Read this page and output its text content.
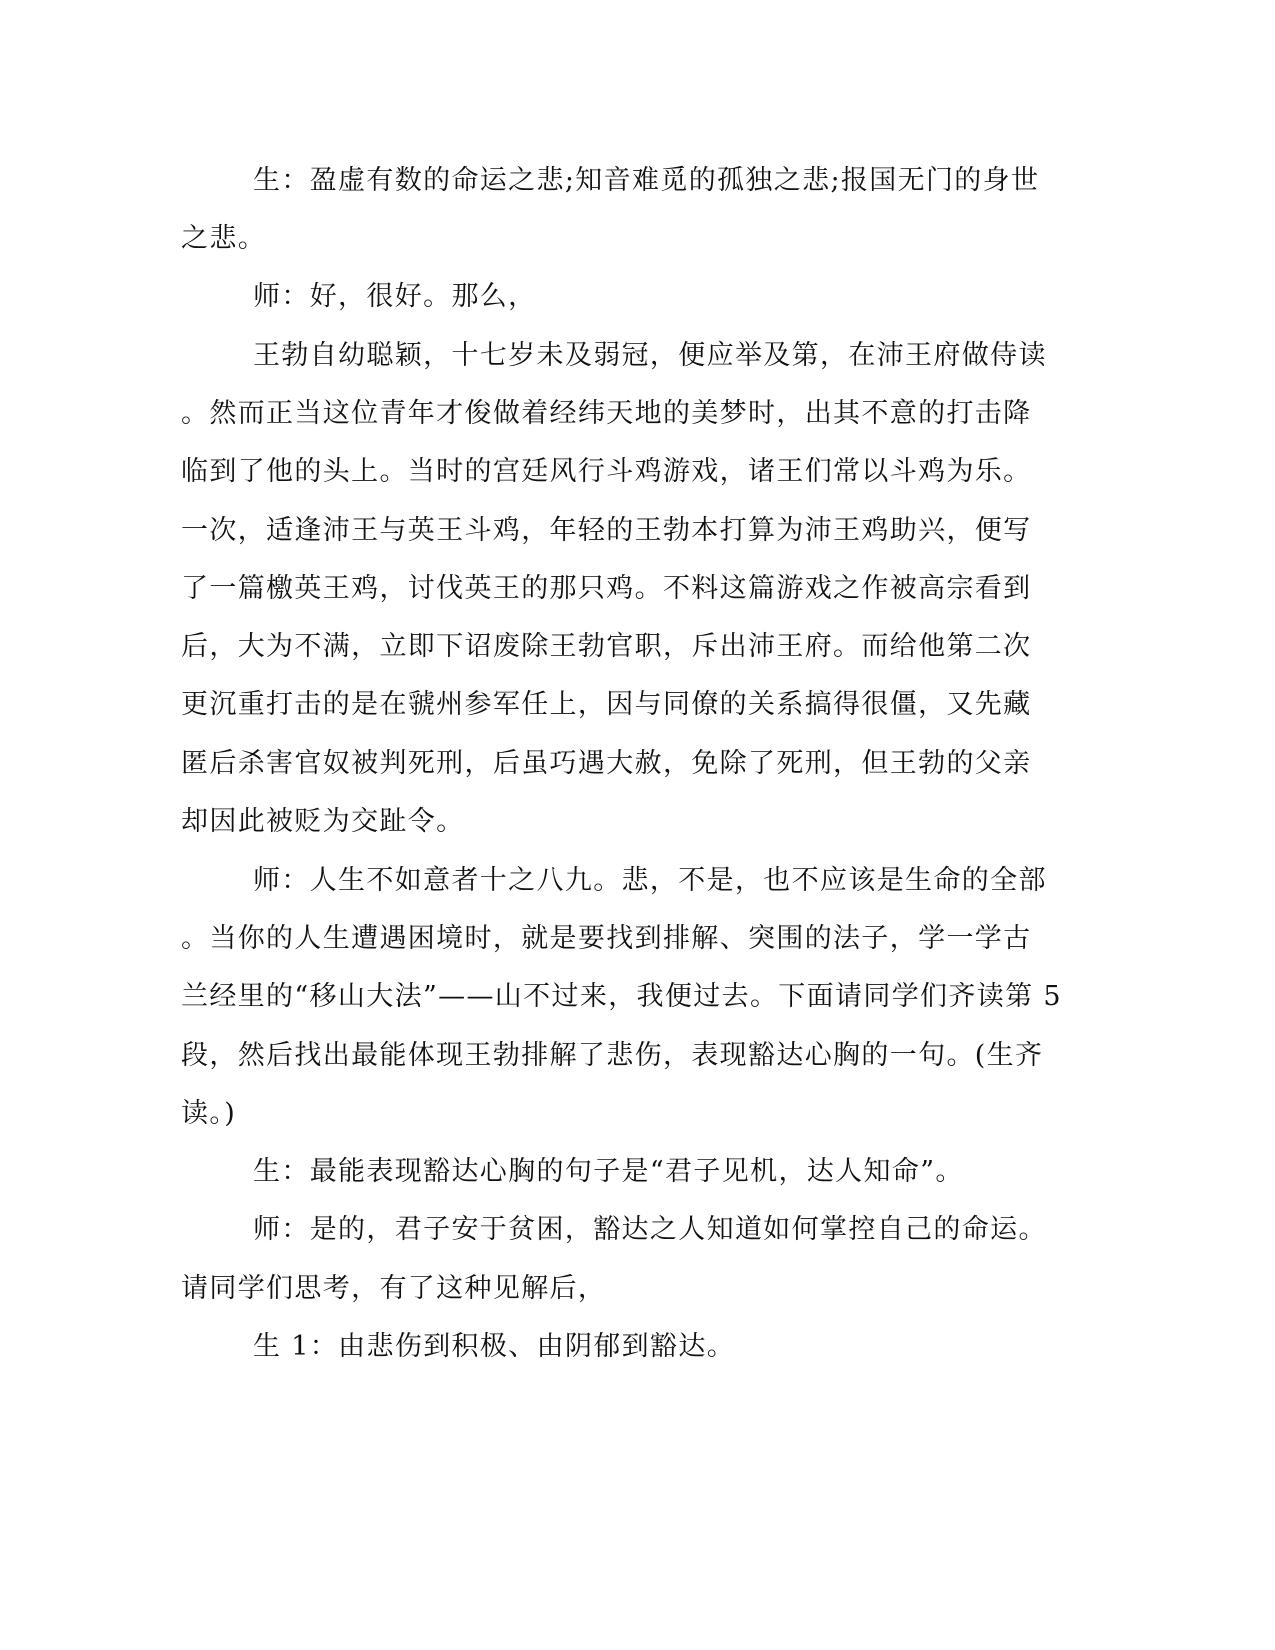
生：盈虚有数的命运之悲;知音难觅的孤独之悲;报国无门的身世
之悲。
师：好，很好。那么，
王勃自幼聪颖，十七岁未及弱冠，便应举及第，在沛王府做侍读
。然而正当这位青年才俊做着经纬天地的美梦时，出其不意的打击降
临到了他的头上。当时的宫廷风行斗鸡游戏，诸王们常以斗鸡为乐。
一次，适逢沛王与英王斗鸡，年轻的王勃本打算为沛王鸡助兴，便写
了一篇檄英王鸡，讨伐英王的那只鸡。不料这篇游戏之作被高宗看到
后，大为不满，立即下诏废除王勃官职，斥出沛王府。而给他第二次
更沉重打击的是在虢州参军任上，因与同僚的关系搞得很僵，又先藏
匿后杀害官奴被判死刑，后虽巧遇大赦，免除了死刑，但王勃的父亲
却因此被贬为交趾令。
师：人生不如意者十之八九。悲，不是，也不应该是生命的全部
。当你的人生遭遇困境时，就是要找到排解、突围的法子，学一学古
兰经里的“移山大法”——山不过来，我便过去。下面请同学们齐读第 5
段，然后找出最能体现王勃排解了悲伤，表现豁达心胸的一句。(生齐
读。)
生：最能表现豁达心胸的句子是“君子见机，达人知命”。
师：是的，君子安于贫困，豁达之人知道如何掌控自己的命运。
请同学们思考，有了这种见解后，
生 1：由悲伤到积极、由阴郁到豁达。
